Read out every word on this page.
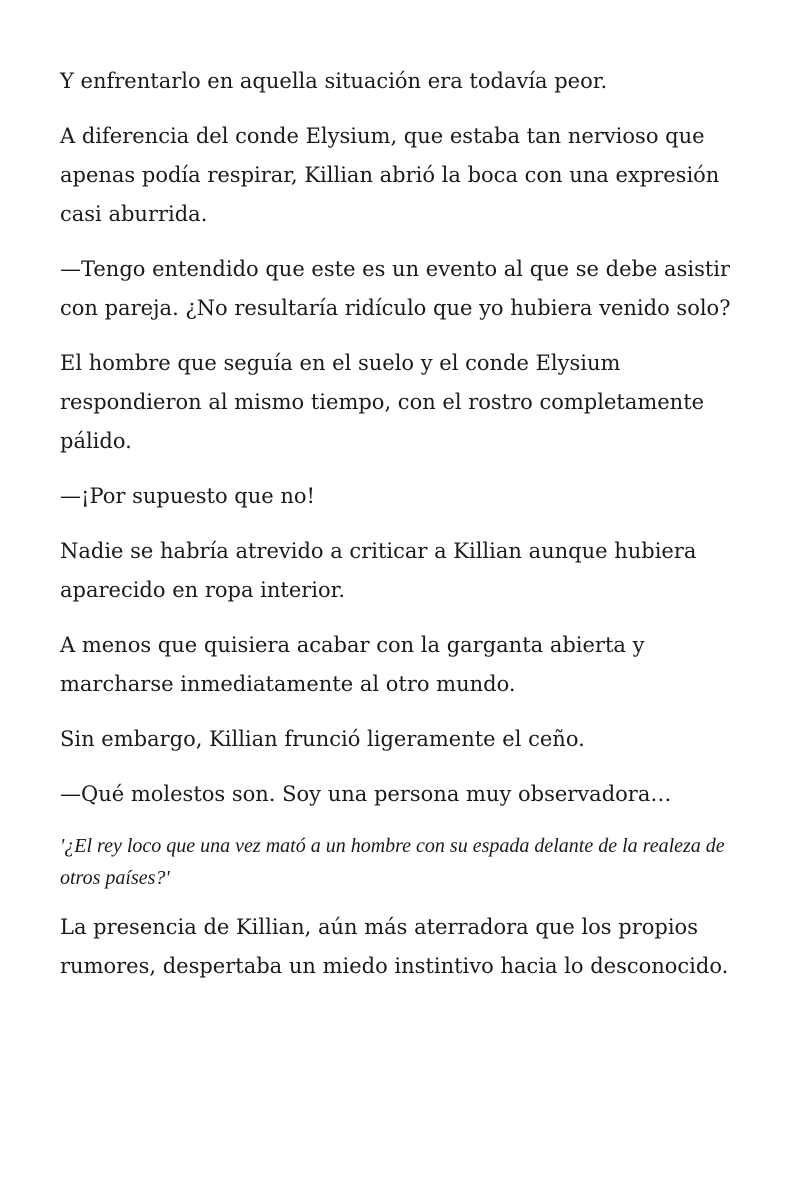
Y enfrentarlo en aquella situación era todavía peor.

A diferencia del conde Elysium, que estaba tan nervioso que apenas podía respirar, Killian abrió la boca con una expresión casi aburrida.

—Tengo entendido que este es un evento al que se debe asistir con pareja. ¿No resultaría ridículo que yo hubiera venido solo?

El hombre que seguía en el suelo y el conde Elysium respondieron al mismo tiempo, con el rostro completamente pálido.

—¡Por supuesto que no!

Nadie se habría atrevido a criticar a Killian aunque hubiera aparecido en ropa interior.

A menos que quisiera acabar con la garganta abierta y marcharse inmediatamente al otro mundo.

Sin embargo, Killian frunció ligeramente el ceño.

—Qué molestos son. Soy una persona muy observadora…

'¿El rey loco que una vez mató a un hombre con su espada delante de la realeza de otros países?'

La presencia de Killian, aún más aterradora que los propios rumores, despertaba un miedo instintivo hacia lo desconocido.
